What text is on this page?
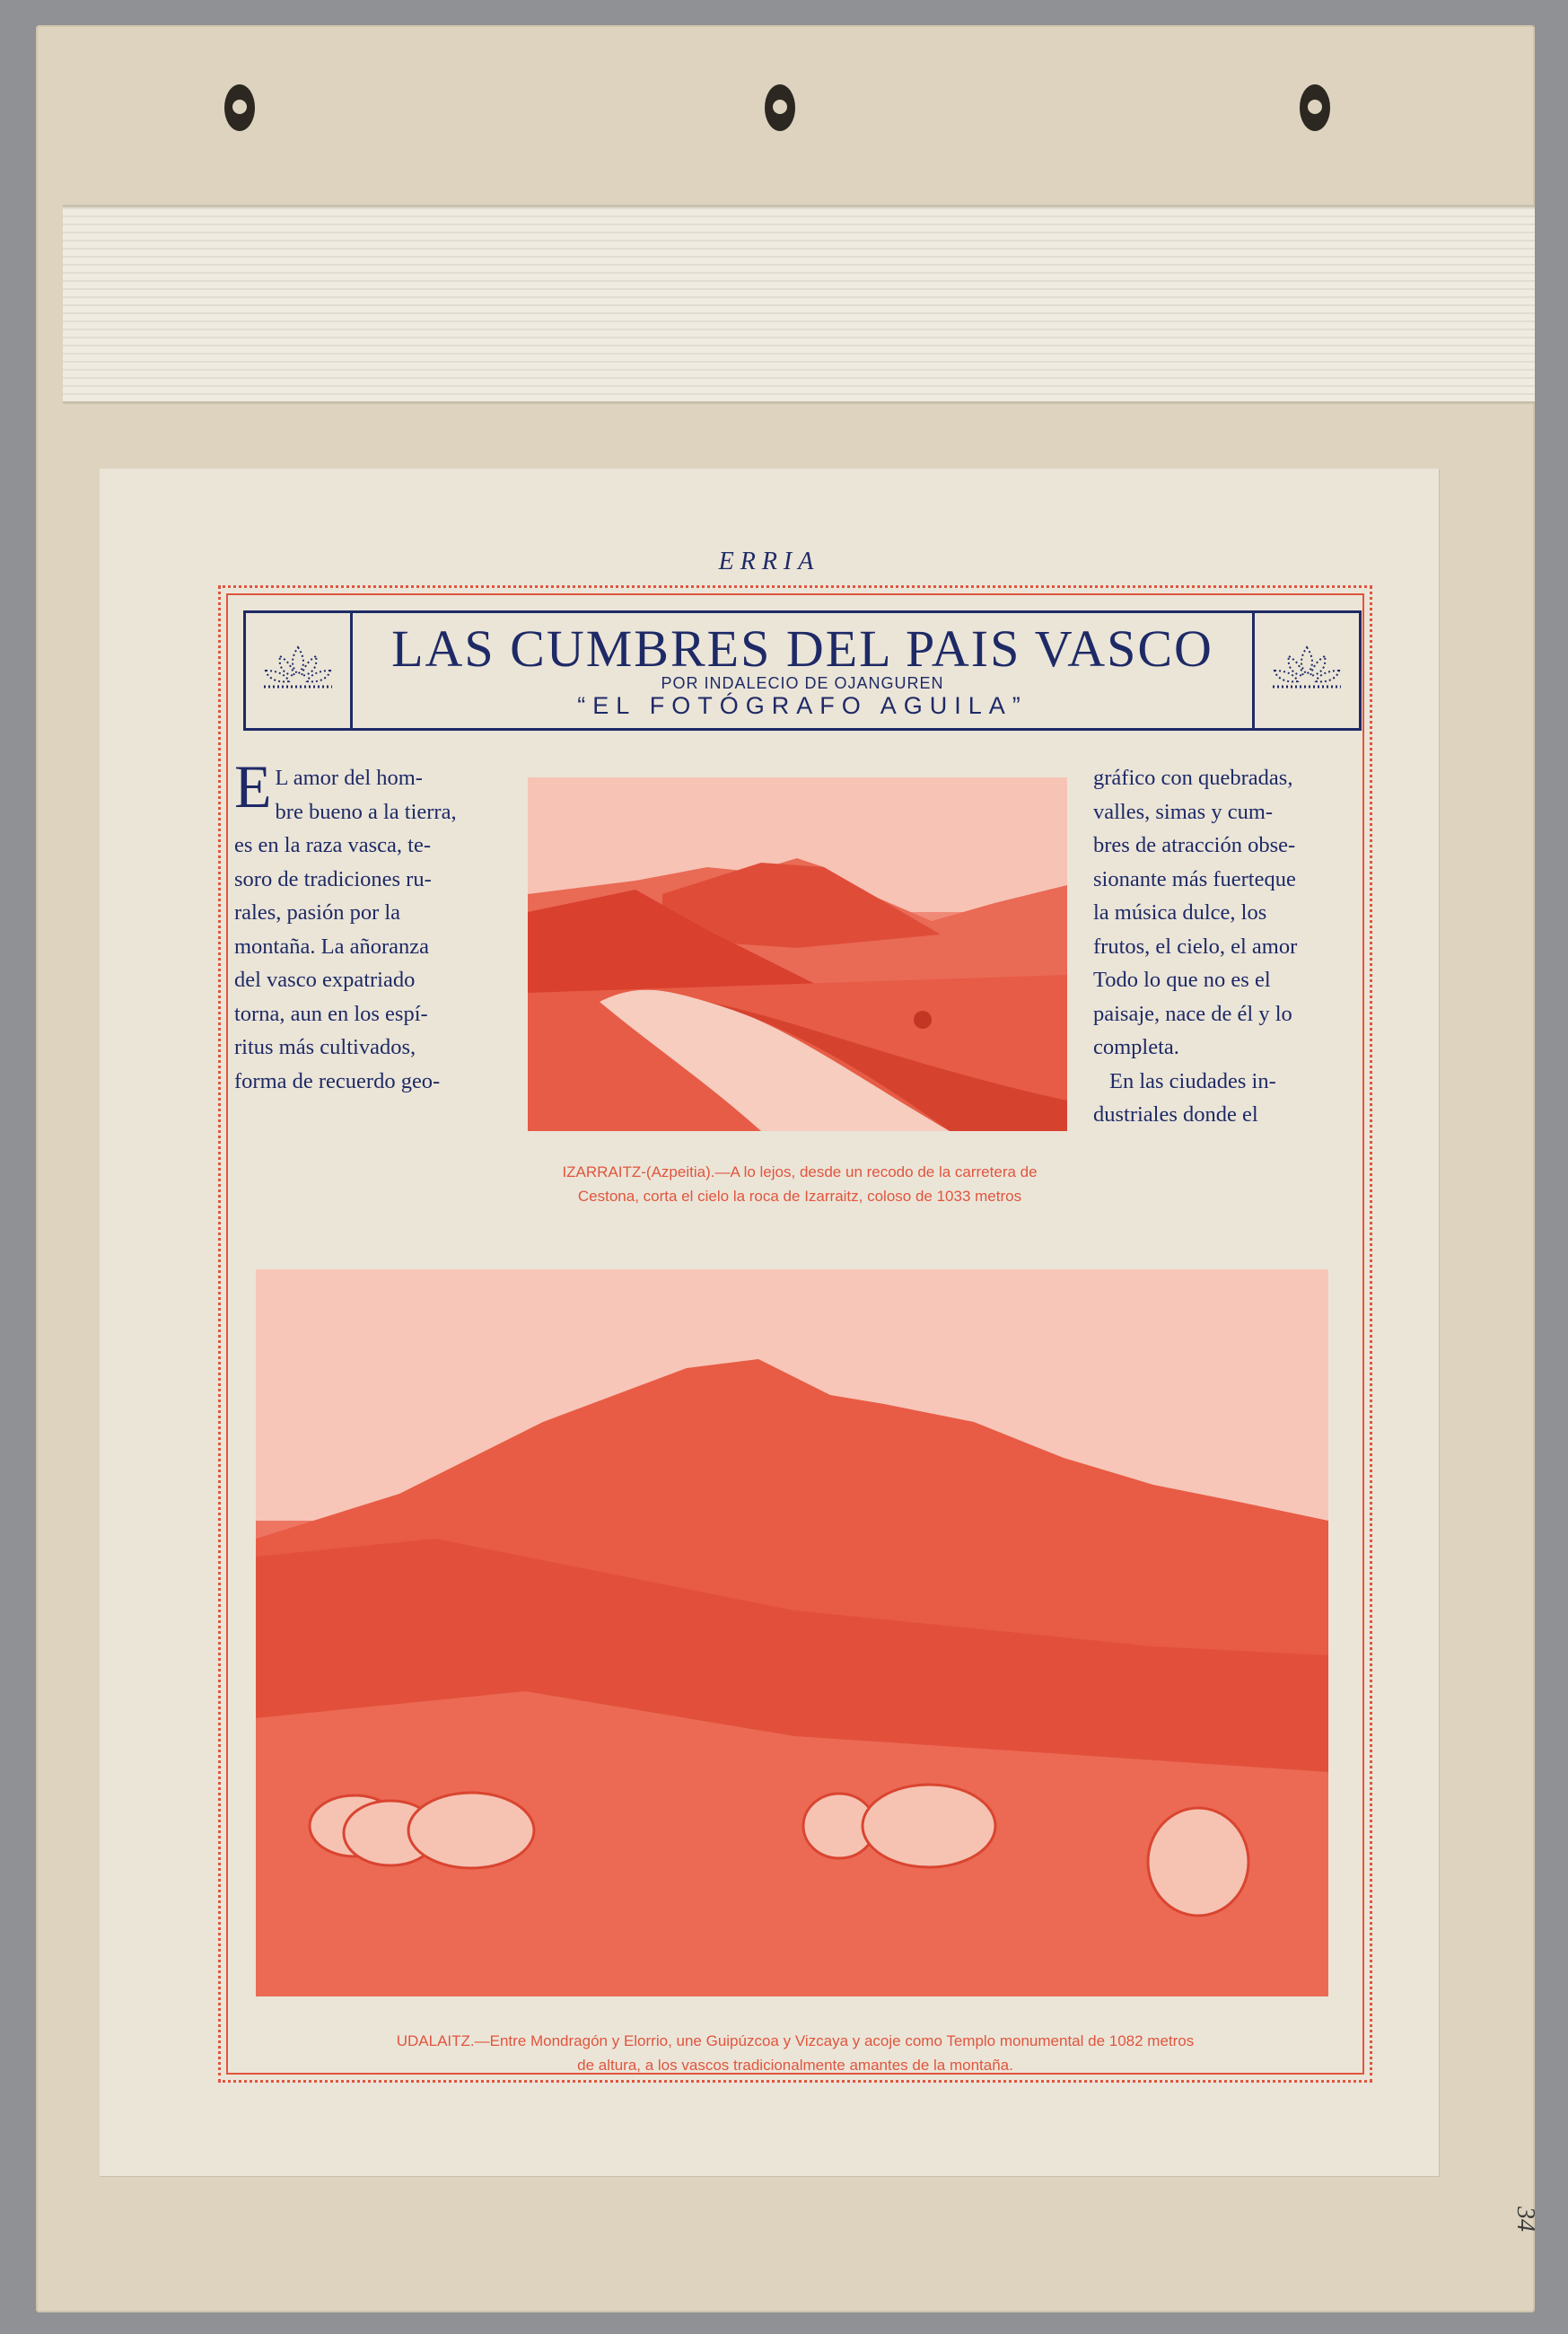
34
ERRIA
LAS CUMBRES DEL PAIS VASCO
POR INDALECIO DE OJANGUREN
“EL FOTÓGRAFO AGUILA”
E L amor del hom-

bre bueno a la tierra,

es en la raza vasca, te-

soro de tradiciones ru-

rales, pasión por la

montaña. La añoranza

del vasco expatriado

torna, aun en los espí-

ritus más cultivados,

forma de recuerdo geo-

gráfico con quebradas,

valles, simas y cum-

bres de atracción obse-

sionante más fuerteque

la música dulce, los

frutos, el cielo, el amor

Todo lo que no es el

paisaje, nace de él y lo

completa.

En las ciudades in-

dustriales donde el

IZARRAITZ-(Azpeitia).—A lo lejos, desde un recodo de la carretera de
Cestona, corta el cielo la roca de Izarraitz, coloso de 1033 metros
UDALAITZ.—Entre Mondragón y Elorrio, une Guipúzcoa y Vizcaya y acoje como Templo monumental de 1082 metros
de altura, a los vascos tradicionalmente amantes de la montaña.
